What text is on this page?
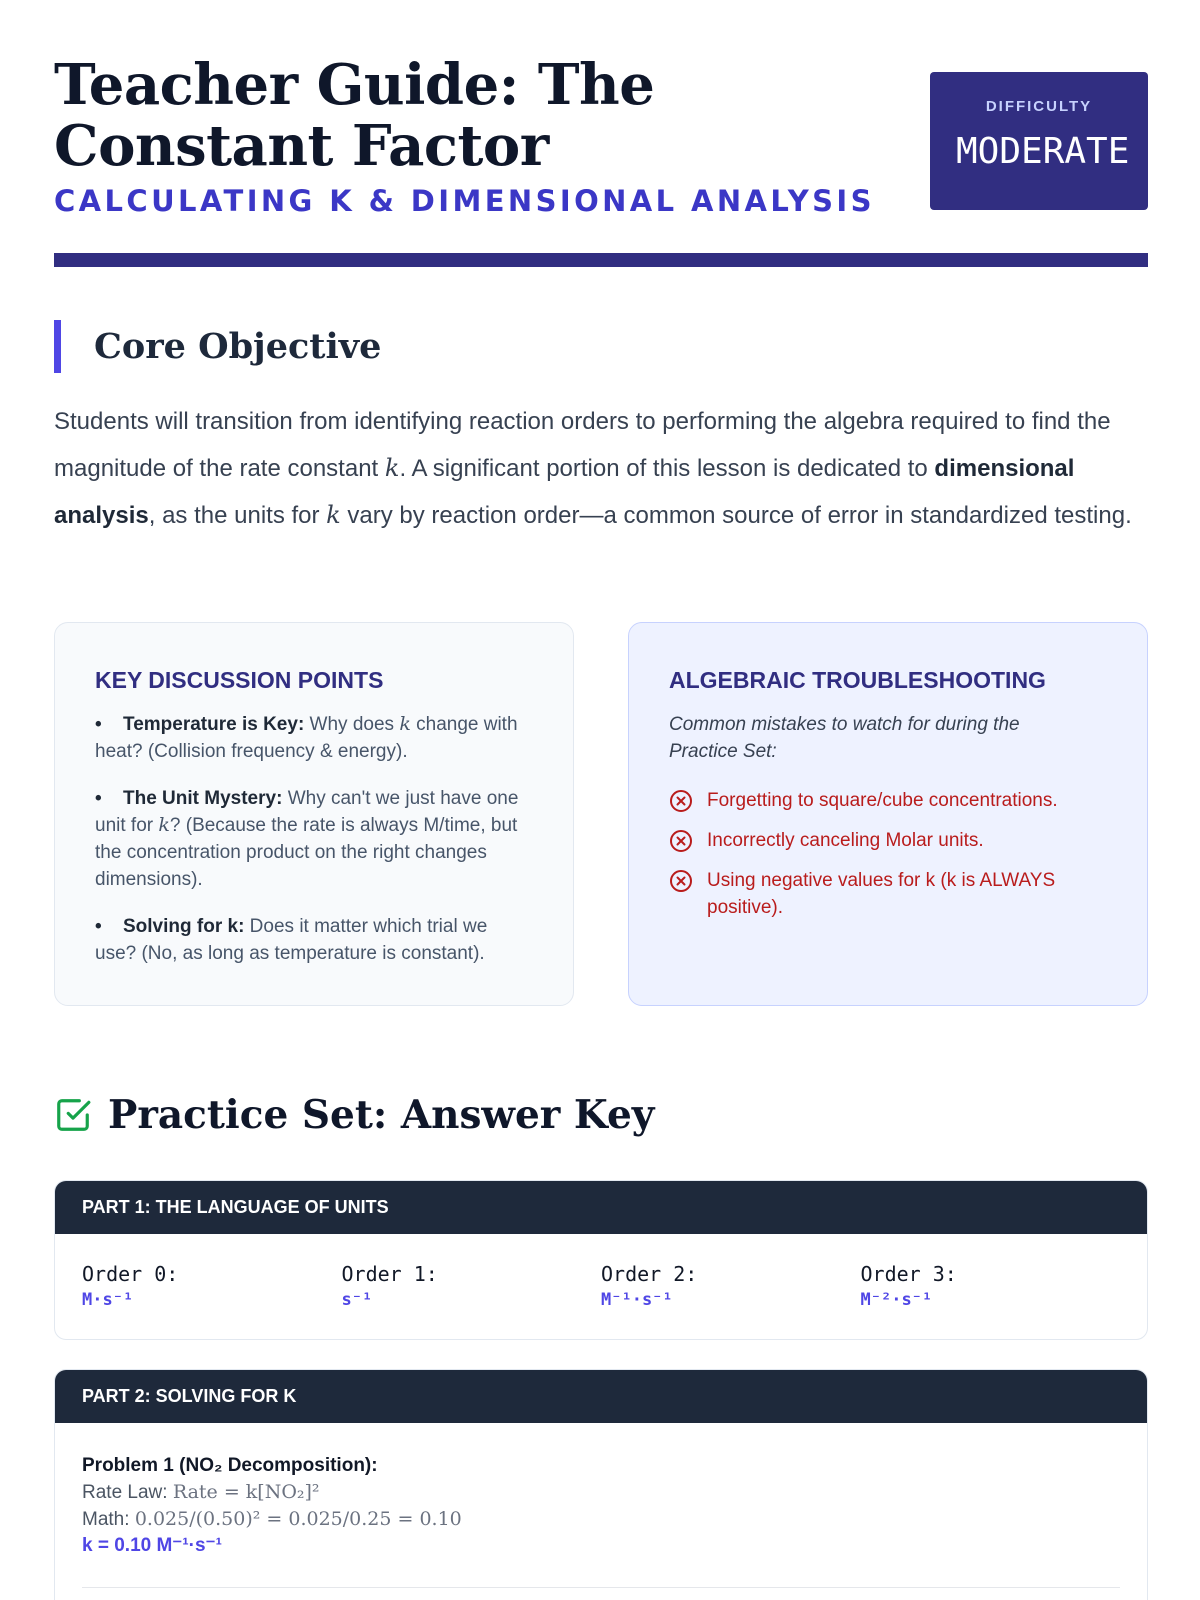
Teacher Guide: The Constant Factor
CALCULATING K & DIMENSIONAL ANALYSIS
DIFFICULTY
MODERATE
Core Objective

Students will transition from identifying reaction orders to performing the algebra required to find the magnitude of the rate constant k. A significant portion of this lesson is dedicated to dimensional analysis, as the units for k vary by reaction order—a common source of error in standardized testing.

KEY DISCUSSION POINTS
• Temperature is Key: Why does k change with heat? (Collision frequency & energy).
• The Unit Mystery: Why can't we just have one unit for k? (Because the rate is always M/time, but the concentration product on the right changes dimensions).
• Solving for k: Does it matter which trial we use? (No, as long as temperature is constant).
ALGEBRAIC TROUBLESHOOTING

Common mistakes to watch for during the Practice Set:

Forgetting to square/cube concentrations.
Incorrectly canceling Molar units.
Using negative values for k (k is ALWAYS positive).
Practice Set: Answer Key
PART 1: THE LANGUAGE OF UNITS
Order 0:
M·s⁻¹
Order 1:
s⁻¹
Order 2:
M⁻¹·s⁻¹
Order 3:
M⁻²·s⁻¹
PART 2: SOLVING FOR K
Problem 1 (NO₂ Decomposition):
Rate Law: Rate = k[NO₂]²
Math: 0.025/(0.50)² = 0.025/0.25 = 0.10
k = 0.10 M⁻¹·s⁻¹
